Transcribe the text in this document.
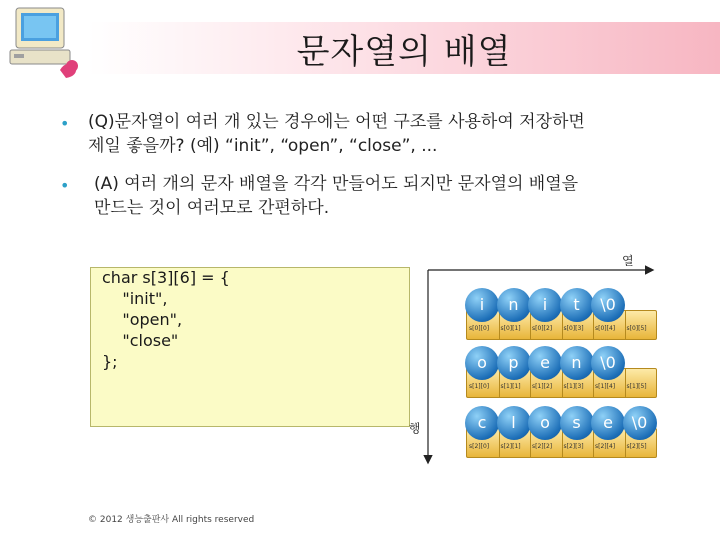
문자열의 배열
• (Q)문자열이 여러 개 있는 경우에는 어떤 구조를 사용하여 저장하면
제일 좋을까? (예) “init”, “open”, “close”, ...
• (A) 여러 개의 문자 배열을 각각 만들어도 되지만 문자열의 배열을
만드는 것이 여러모로 간편하다.
char s[3][6] = {
"init",
"open",
"close"
};
열
행
i	n	i	t	\0
s[0][0] s[0][1] s[0][2] s[0][3] s[0][4] s[0][5]
o	p	e	n	\0
s[1][0] s[1][1] s[1][2] s[1][3] s[1][4] s[1][5]
c	l	o	s	e	\0
s[2][0] s[2][1] s[2][2] s[2][3] s[2][4] s[2][5]
© 2012 생능출판사 All rights reserved
